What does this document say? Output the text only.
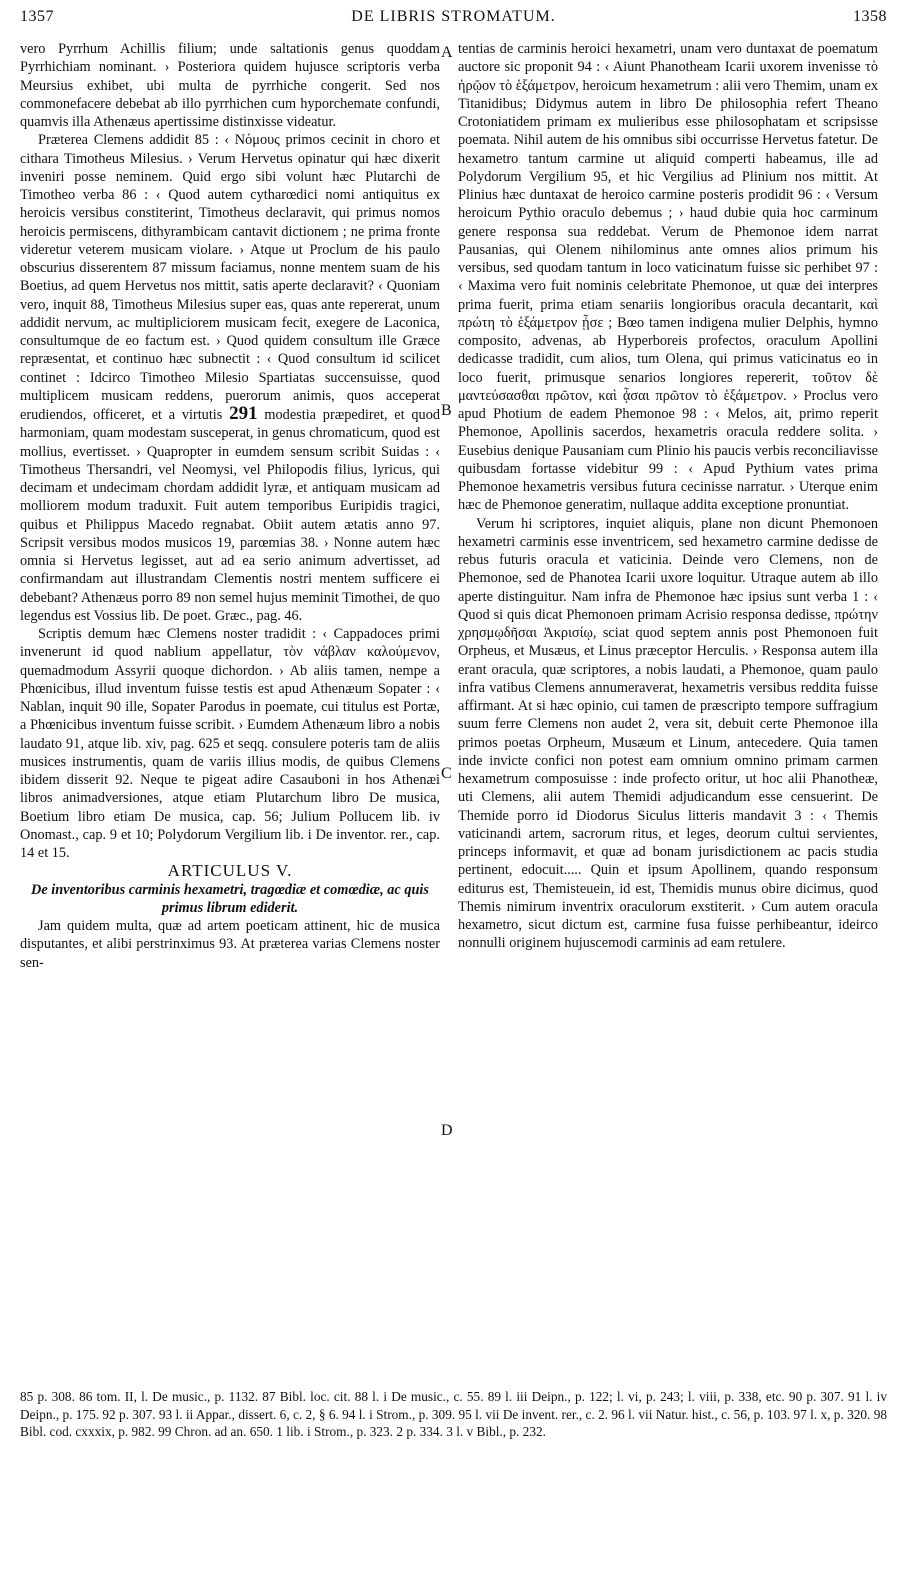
1357	DE LIBRIS STROMATUM.	1358
A
B
C
D

vero Pyrrhum Achillis filium; unde saltationis genus quoddam Pyrrhichiam nominant. › Posteriora quidem hujusce scriptoris verba Meursius exhibet, ubi multa de pyrrhiche congerit. Sed nos commonefacere debebat ab illo pyrrhichen cum hyporchemate confundi, quamvis illa Athenæus apertissime distinxisse videatur.

Præterea Clemens addidit 85 : ‹ Νόμους primos cecinit in choro et cithara Timotheus Milesius. › Verum Hervetus opinatur qui hæc dixerit inveniri posse neminem. Quid ergo sibi volunt hæc Plutarchi de Timotheo verba 86 : ‹ Quod autem cytharœdici nomi antiquitus ex heroicis versibus constiterint, Timotheus declaravit, qui primus nomos heroicis permiscens, dithyrambicam cantavit dictionem ; ne prima fronte videretur veterem musicam violare. › Atque ut Proclum de his paulo obscurius disserentem 87 missum faciamus, nonne mentem suam de his Boetius, ad quem Hervetus nos mittit, satis aperte declaravit? ‹ Quoniam vero, inquit 88, Timotheus Milesius super eas, quas ante repererat, unum addidit nervum, ac multipliciorem musicam fecit, exegere de Laconica, consultumque de eo factum est. › Quod quidem consultum ille Græce repræsentat, et continuo hæc subnectit : ‹ Quod consultum id scilicet continet : Idcirco Timotheo Milesio Spartiatas succensuisse, quod multiplicem musicam reddens, puerorum animis, quos acceperat erudiendos, officeret, et a virtutis 291 modestia præpediret, et quod harmoniam, quam modestam susceperat, in genus chromaticum, quod est mollius, evertisset. › Quapropter in eumdem sensum scribit Suidas : ‹ Timotheus Thersandri, vel Neomysi, vel Philopodis filius, lyricus, qui decimam et undecimam chordam addidit lyræ, et antiquam musicam ad molliorem modum traduxit. Fuit autem temporibus Euripidis tragici, quibus et Philippus Macedo regnabat. Obiit autem ætatis anno 97. Scripsit versibus modos musicos 19, parœmias 38. › Nonne autem hæc omnia si Hervetus legisset, aut ad ea serio animum advertisset, ad confirmandam aut illustrandam Clementis nostri mentem sufficere ei debebant? Athenæus porro 89 non semel hujus meminit Timothei, de quo legendus est Vossius lib. De poet. Græc., pag. 46.

Scriptis demum hæc Clemens noster tradidit : ‹ Cappadoces primi invenerunt id quod nablium appellatur, τὸν νάβλαν καλούμενον, quemadmodum Assyrii quoque dichordon. › Ab aliis tamen, nempe a Phœnicibus, illud inventum fuisse testis est apud Athenæum Sopater : ‹ Nablan, inquit 90 ille, Sopater Parodus in poemate, cui titulus est Portæ, a Phœnicibus inventum fuisse scribit. › Eumdem Athenæum libro a nobis laudato 91, atque lib. xiv, pag. 625 et seqq. consulere poteris tam de aliis musices instrumentis, quam de variis illius modis, de quibus Clemens ibidem disserit 92. Neque te pigeat adire Casauboni in hos Athenæi libros animadversiones, atque etiam Plutarchum libro De musica, Boetium libro etiam De musica, cap. 56; Julium Pollucem lib. iv Onomast., cap. 9 et 10; Polydorum Vergilium lib. i De inventor. rer., cap. 14 et 15.

ARTICULUS V.

De inventoribus carminis hexametri, tragœdiæ et comœdiæ, ac quis primus librum ediderit.

Jam quidem multa, quæ ad artem poeticam attinent, hic de musica disputantes, et alibi perstrinximus 93. At præterea varias Clemens noster sen-

tentias de carminis heroici hexametri, unam vero duntaxat de poematum auctore sic proponit 94 : ‹ Aiunt Phanotheam Icarii uxorem invenisse τὸ ἡρῷον τὸ ἑξάμετρον, heroicum hexametrum : alii vero Themim, unam ex Titanidibus; Didymus autem in libro De philosophia refert Theano Crotoniatidem primam ex mulieribus esse philosophatam et scripsisse poemata. Nihil autem de his omnibus sibi occurrisse Hervetus fatetur. De hexametro tantum carmine ut aliquid comperti habeamus, ille ad Polydorum Vergilium 95, et hic Vergilius ad Plinium nos mittit. At Plinius hæc duntaxat de heroico carmine posteris prodidit 96 : ‹ Versum heroicum Pythio oraculo debemus ; › haud dubie quia hoc carminum genere responsa sua reddebat. Verum de Phemonoe idem narrat Pausanias, qui Olenem nihilominus ante omnes alios primum his versibus, sed quodam tantum in loco vaticinatum fuisse sic perhibet 97 : ‹ Maxima vero fuit nominis celebritate Phemonoe, ut quæ dei interpres prima fuerit, prima etiam senariis longioribus oracula decantarit, καὶ πρώτη τὸ ἑξάμετρον ᾖσε ; Bœo tamen indigena mulier Delphis, hymno composito, advenas, ab Hyperboreis profectos, oraculum Apollini dedicasse tradidit, cum alios, tum Olena, qui primus vaticinatus eo in loco fuerit, primusque senarios longiores repererit, τοῦτον δὲ μαντεύσασθαι πρῶτον, καὶ ᾆσαι πρῶτον τὸ ἑξάμετρον. › Proclus vero apud Photium de eadem Phemonoe 98 : ‹ Melos, ait, primo reperit Phemonoe, Apollinis sacerdos, hexametris oracula reddere solita. › Eusebius denique Pausaniam cum Plinio his paucis verbis reconciliavisse quibusdam fortasse videbitur 99 : ‹ Apud Pythium vates prima Phemonoe hexametris versibus futura cecinisse narratur. › Uterque enim hæc de Phemonoe generatim, nullaque addita exceptione pronuntiat.

Verum hi scriptores, inquiet aliquis, plane non dicunt Phemonoen hexametri carminis esse inventricem, sed hexametro carmine dedisse de rebus futuris oracula et vaticinia. Deinde vero Clemens, non de Phemonoe, sed de Phanotea Icarii uxore loquitur. Utraque autem ab illo aperte distinguitur. Nam infra de Phemonoe hæc ipsius sunt verba 1 : ‹ Quod si quis dicat Phemonoen primam Acrisio responsa dedisse, πρώτην χρησμῳδῆσαι Ἀκρισίῳ, sciat quod septem annis post Phemonoen fuit Orpheus, et Musæus, et Linus præceptor Herculis. › Responsa autem illa erant oracula, quæ scriptores, a nobis laudati, a Phemonoe, quam paulo infra vatibus Clemens annumeraverat, hexametris versibus reddita fuisse affirmant. At si hæc opinio, cui tamen de præscripto tempore suffragium suum ferre Clemens non audet 2, vera sit, debuit certe Phemonoe illa primos poetas Orpheum, Musæum et Linum, antecedere. Quia tamen inde invicte confici non potest eam omnium omnino primam carmen hexametrum composuisse : inde profecto oritur, ut hoc alii Phanotheæ, uti Clemens, alii autem Themidi adjudicandum esse censuerint. De Themide porro id Diodorus Siculus litteris mandavit 3 : ‹ Themis vaticinandi artem, sacrorum ritus, et leges, deorum cultui servientes, princeps informavit, et quæ ad bonam jurisdictionem ac pacis studia pertinent, edocuit..... Quin et ipsum Apollinem, quando responsum editurus est, Themisteuein, id est, Themidis munus obire dicimus, quod Themis nimirum inventrix oraculorum exstiterit. › Cum autem oracula hexametro, sicut dictum est, carmine fusa fuisse perhibeantur, ideirco nonnulli originem hujuscemodi carminis ad eam retulere.

85 p. 308. 86 tom. II, l. De music., p. 1132. 87 Bibl. loc. cit. 88 l. i De music., c. 55. 89 l. iii Deipn., p. 122; l. vi, p. 243; l. viii, p. 338, etc. 90 p. 307. 91 l. iv Deipn., p. 175. 92 p. 307. 93 l. ii Appar., dissert. 6, c. 2, § 6. 94 l. i Strom., p. 309. 95 l. vii De invent. rer., c. 2. 96 l. vii Natur. hist., c. 56, p. 103. 97 l. x, p. 320. 98 Bibl. cod. cxxxix, p. 982. 99 Chron. ad an. 650. 1 lib. i Strom., p. 323. 2 p. 334. 3 l. v Bibl., p. 232.
